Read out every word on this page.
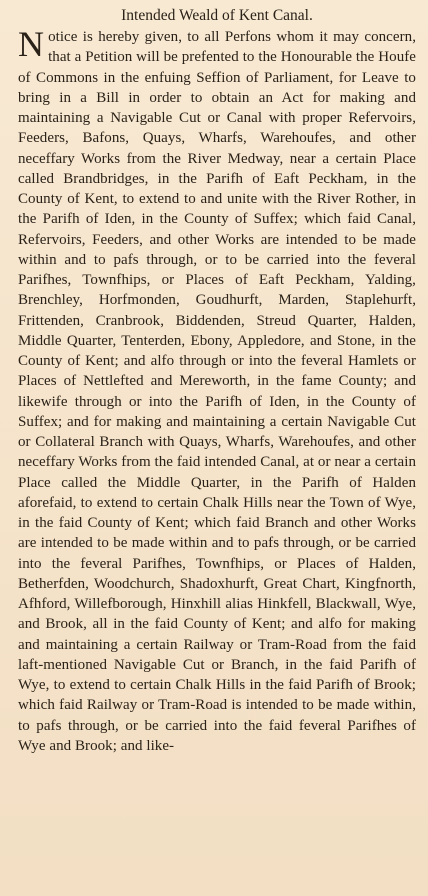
Intended Weald of Kent Canal.

Notice is hereby given, to all Perfons whom it may concern, that a Petition will be prefented to the Honourable the Houfe of Commons in the enfuing Seffion of Parliament, for Leave to bring in a Bill in order to obtain an Act for making and maintaining a Navigable Cut or Canal with proper Refervoirs, Feeders, Bafons, Quays, Wharfs, Warehoufes, and other neceffary Works from the River Medway, near a certain Place called Brandbridges, in the Parifh of Eaft Peckham, in the County of Kent, to extend to and unite with the River Rother, in the Parifh of Iden, in the County of Suffex; which faid Canal, Refervoirs, Feeders, and other Works are intended to be made within and to pafs through, or to be carried into the feveral Parifhes, Townfhips, or Places of Eaft Peckham, Yalding, Brenchley, Horfmonden, Goudhurft, Marden, Staplehurft, Frittenden, Cranbrook, Biddenden, Streud Quarter, Halden, Middle Quarter, Tenterden, Ebony, Appledore, and Stone, in the County of Kent; and alfo through or into the feveral Hamlets or Places of Nettlefted and Mereworth, in the fame County; and likewife through or into the Parifh of Iden, in the County of Suffex; and for making and maintaining a certain Navigable Cut or Collateral Branch with Quays, Wharfs, Warehoufes, and other neceffary Works from the faid intended Canal, at or near a certain Place called the Middle Quarter, in the Parifh of Halden aforefaid, to extend to certain Chalk Hills near the Town of Wye, in the faid County of Kent; which faid Branch and other Works are intended to be made within and to pafs through, or be carried into the feveral Parifhes, Townfhips, or Places of Halden, Betherfden, Woodchurch, Shadoxhurft, Great Chart, Kingfnorth, Afhford, Willefborough, Hinxhill alias Hinkfell, Blackwall, Wye, and Brook, all in the faid County of Kent; and alfo for making and maintaining a certain Railway or Tram-Road from the faid laft-mentioned Navigable Cut or Branch, in the faid Parifh of Wye, to extend to certain Chalk Hills in the faid Parifh of Brook; which faid Railway or Tram-Road is intended to be made within, to pafs through, or be carried into the faid feveral Parifhes of Wye and Brook; and like-
